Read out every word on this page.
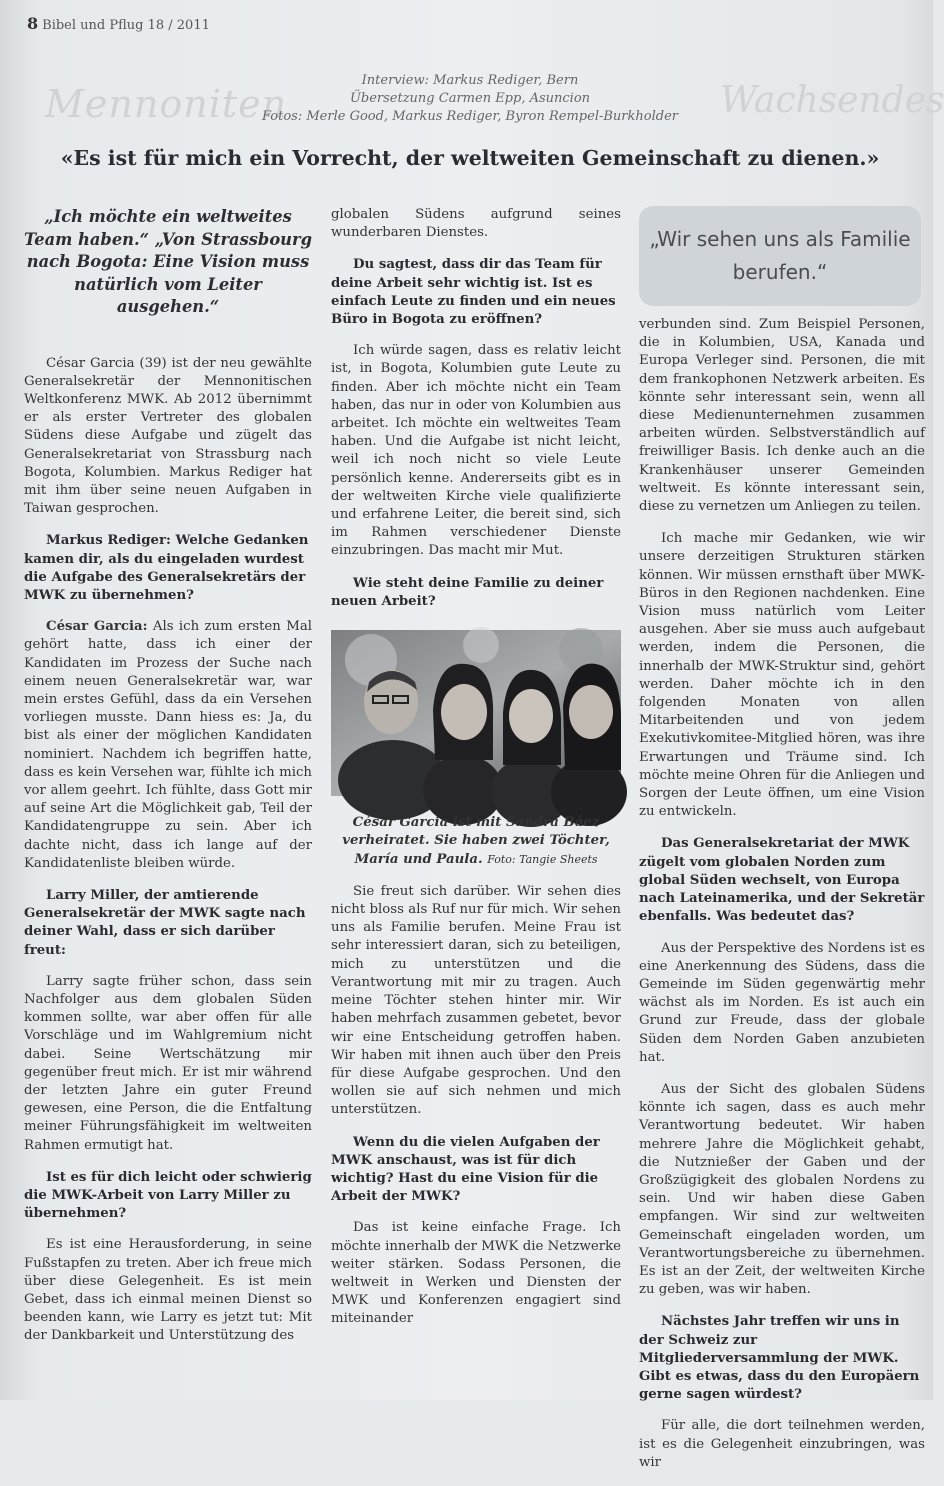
8 Bibel und Pflug 18 / 2011
Mennoniten	Wachsendes
Interview: Markus Rediger, Bern
Übersetzung Carmen Epp, Asuncion
Fotos: Merle Good, Markus Rediger, Byron Rempel-Burkholder
«Es ist für mich ein Vorrecht, der weltweiten Gemeinschaft zu dienen.»
„Ich möchte ein weltweites Team haben.“ „Von Strassbourg nach Bogota: Eine Vision muss natürlich vom Leiter ausgehen.“

César Garcia (39) ist der neu gewählte Generalsekretär der Mennonitischen Weltkonferenz MWK. Ab 2012 übernimmt er als erster Vertreter des globalen Südens diese Aufgabe und zügelt das Generalsekretariat von Strassburg nach Bogota, Kolumbien. Markus Rediger hat mit ihm über seine neuen Aufgaben in Taiwan gesprochen.

Markus Rediger: Welche Gedanken kamen dir, als du eingeladen wurdest die Aufgabe des Generalsekretärs der MWK zu übernehmen?

César Garcia: Als ich zum ersten Mal gehört hatte, dass ich einer der Kandidaten im Prozess der Suche nach einem neuen Generalsekretär war, war mein erstes Gefühl, dass da ein Versehen vorliegen musste. Dann hiess es: Ja, du bist als einer der möglichen Kandidaten nominiert. Nachdem ich begriffen hatte, dass es kein Versehen war, fühlte ich mich vor allem geehrt. Ich fühlte, dass Gott mir auf seine Art die Möglichkeit gab, Teil der Kandidatengruppe zu sein. Aber ich dachte nicht, dass ich lange auf der Kandidatenliste bleiben würde.

Larry Miller, der amtierende Generalsekretär der MWK sagte nach deiner Wahl, dass er sich darüber freut:

Larry sagte früher schon, dass sein Nachfolger aus dem globalen Süden kommen sollte, war aber offen für alle Vorschläge und im Wahlgremium nicht dabei. Seine Wertschätzung mir gegenüber freut mich. Er ist mir während der letzten Jahre ein guter Freund gewesen, eine Person, die die Entfaltung meiner Führungsfähigkeit im weltweiten Rahmen ermutigt hat.

Ist es für dich leicht oder schwierig die MWK-Arbeit von Larry Miller zu übernehmen?

Es ist eine Herausforderung, in seine Fußstapfen zu treten. Aber ich freue mich über diese Gelegenheit. Es ist mein Gebet, dass ich einmal meinen Dienst so beenden kann, wie Larry es jetzt tut: Mit der Dankbarkeit und Unterstützung des

globalen Südens aufgrund seines wunderbaren Dienstes.

Du sagtest, dass dir das Team für deine Arbeit sehr wichtig ist. Ist es einfach Leute zu finden und ein neues Büro in Bogota zu eröffnen?

Ich würde sagen, dass es relativ leicht ist, in Bogota, Kolumbien gute Leute zu finden. Aber ich möchte nicht ein Team haben, das nur in oder von Kolumbien aus arbeitet. Ich möchte ein weltweites Team haben. Und die Aufgabe ist nicht leicht, weil ich noch nicht so viele Leute persönlich kenne. Andererseits gibt es in der weltweiten Kirche viele qualifizierte und erfahrene Leiter, die bereit sind, sich im Rahmen verschiedener Dienste einzubringen. Das macht mir Mut.

Wie steht deine Familie zu deiner neuen Arbeit?
César Garcia ist mit Sandra Báez verheiratet. Sie haben zwei Töchter, María und Paula. Foto: Tangie Sheets

Sie freut sich darüber. Wir sehen dies nicht bloss als Ruf nur für mich. Wir sehen uns als Familie berufen. Meine Frau ist sehr interessiert daran, sich zu beteiligen, mich zu unterstützen und die Verantwortung mit mir zu tragen. Auch meine Töchter stehen hinter mir. Wir haben mehrfach zusammen gebetet, bevor wir eine Entscheidung getroffen haben. Wir haben mit ihnen auch über den Preis für diese Aufgabe gesprochen. Und den wollen sie auf sich nehmen und mich unterstützen.

Wenn du die vielen Aufgaben der MWK anschaust, was ist für dich wichtig? Hast du eine Vision für die Arbeit der MWK?

Das ist keine einfache Frage. Ich möchte innerhalb der MWK die Netzwerke weiter stärken. Sodass Personen, die weltweit in Werken und Diensten der MWK und Konferenzen engagiert sind miteinander

„Wir sehen uns als Familie berufen.“

verbunden sind. Zum Beispiel Personen, die in Kolumbien, USA, Kanada und Europa Verleger sind. Personen, die mit dem frankophonen Netzwerk arbeiten. Es könnte sehr interessant sein, wenn all diese Medienunternehmen zusammen arbeiten würden. Selbstverständlich auf freiwilliger Basis. Ich denke auch an die Krankenhäuser unserer Gemeinden weltweit. Es könnte interessant sein, diese zu vernetzen um Anliegen zu teilen.

Ich mache mir Gedanken, wie wir unsere derzeitigen Strukturen stärken können. Wir müssen ernsthaft über MWK-Büros in den Regionen nachdenken. Eine Vision muss natürlich vom Leiter ausgehen. Aber sie muss auch aufgebaut werden, indem die Personen, die innerhalb der MWK-Struktur sind, gehört werden. Daher möchte ich in den folgenden Monaten von allen Mitarbeitenden und von jedem Exekutivkomitee-Mitglied hören, was ihre Erwartungen und Träume sind. Ich möchte meine Ohren für die Anliegen und Sorgen der Leute öffnen, um eine Vision zu entwickeln.

Das Generalsekretariat der MWK zügelt vom globalen Norden zum global Süden wechselt, von Europa nach Lateinamerika, und der Sekretär ebenfalls. Was bedeutet das?

Aus der Perspektive des Nordens ist es eine Anerkennung des Südens, dass die Gemeinde im Süden gegenwärtig mehr wächst als im Norden. Es ist auch ein Grund zur Freude, dass der globale Süden dem Norden Gaben anzubieten hat.

Aus der Sicht des globalen Südens könnte ich sagen, dass es auch mehr Verantwortung bedeutet. Wir haben mehrere Jahre die Möglichkeit gehabt, die Nutznießer der Gaben und der Großzügigkeit des globalen Nordens zu sein. Und wir haben diese Gaben empfangen. Wir sind zur weltweiten Gemeinschaft eingeladen worden, um Verantwortungsbereiche zu übernehmen. Es ist an der Zeit, der weltweiten Kirche zu geben, was wir haben.

Nächstes Jahr treffen wir uns in der Schweiz zur Mitgliederversammlung der MWK. Gibt es etwas, dass du den Europäern gerne sagen würdest?

Für alle, die dort teilnehmen werden, ist es die Gelegenheit einzubringen, was wir
